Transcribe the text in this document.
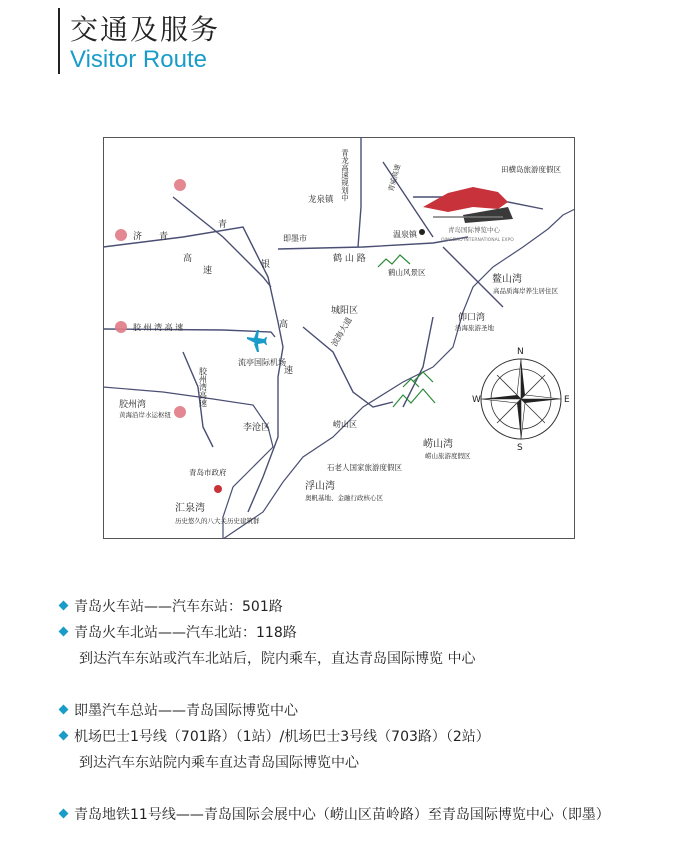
交通及服务
Visitor Route
青龙高速规划中
龙泉镇
青威高速	田横岛旅游度假区
青岛国际博览中心
QINGDAO INTERNATIONAL EXPO
温泉镇
即墨市
鹤 山 路
鹤山风景区
济 青
高
速
青
银
鳌山湾
高品质海岸养生居住区
城阳区
仰口湾
沿海旅游圣地
胶 州 湾 高 速	高
速
滨海大道
流亭国际机场
胶州湾高速
胶州湾
黄海沿岸水运枢纽
李沧区	崂山区
崂山湾
崂山旅游度假区
石老人国家旅游度假区
青岛市政府
浮山湾
奥帆基地、金融行政核心区
汇泉湾
历史悠久的八大关历史建筑群
N
S
E
W
青岛火车站——汽车东站：501路
青岛火车北站——汽车北站：118路
到达汽车东站或汽车北站后，院内乘车，直达青岛国际博览 中心
即墨汽车总站——青岛国际博览中心
机场巴士1号线（701路）（1站）/机场巴士3号线（703路）（2站）
到达汽车东站院内乘车直达青岛国际博览中心
青岛地铁11号线——青岛国际会展中心（崂山区苗岭路）至青岛国际博览中心（即墨）
